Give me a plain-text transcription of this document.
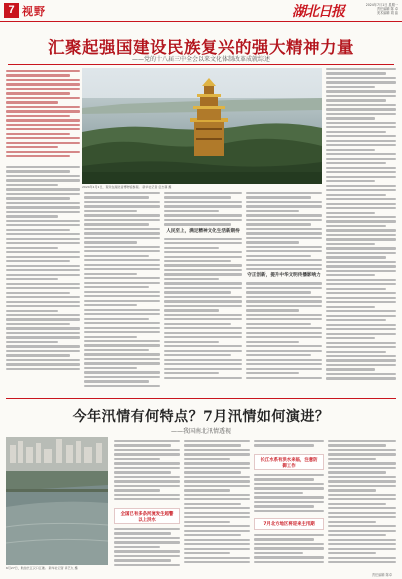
7 视野	湖北日报	2024年7月1日 星期一
责任编辑 陈 卓
美术编辑 胡 晶
汇聚起强国建设民族复兴的强大精神力量
——党的十八届三中全会以来文化体制改革成就综述
2024年1月1日，观众在湖北省博物馆参观。 新华社记者 伍志尊 摄
人民至上，满足精神文化生活新期待
守正创新，提升中华文明传播影响力
今年汛情有何特点？7月汛情如何演进？
——我国南北汛情透视
6月27日，航拍长江汉口江滩。 新华社记者 肖艺九 摄
全国已有多条河流发生超警以上洪水
长江水系有洪水来临，注意防御工作
7月北方地区将迎来主汛期
责任编辑 陈卓
